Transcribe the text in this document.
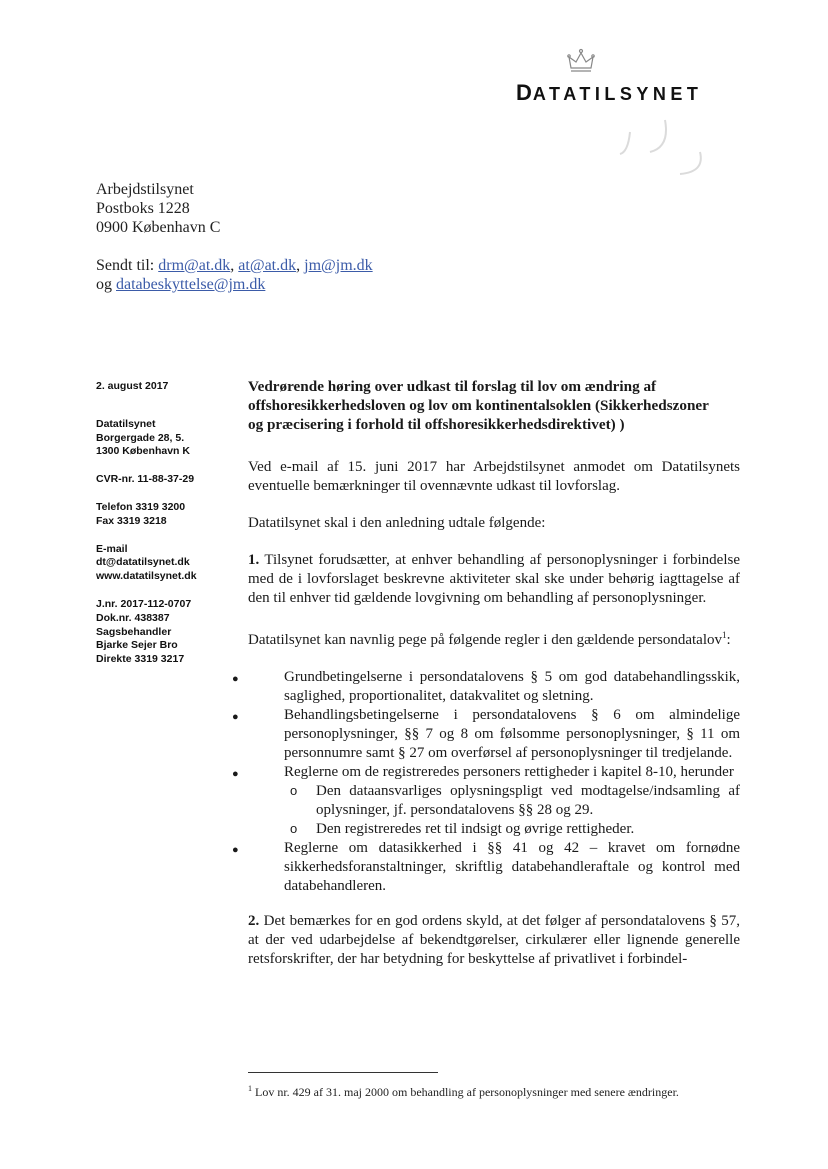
DATATILSYNET
Arbejdstilsynet
Postboks 1228
0900 København C
Sendt til: drm@at.dk, at@at.dk, jm@jm.dk
og databeskyttelse@jm.dk
2. august 2017
Datatilsynet
Borgergade 28, 5.
1300 København K
CVR-nr. 11-88-37-29
Telefon 3319 3200
Fax 3319 3218
E-mail
dt@datatilsynet.dk
www.datatilsynet.dk
J.nr. 2017-112-0707
Dok.nr. 438387
Sagsbehandler
Bjarke Sejer Bro
Direkte 3319 3217
Vedrørende høring over udkast til forslag til lov om ændring af
offshoresikkerhedsloven og lov om kontinentalsoklen (Sikkerhedszoner
og præcisering i forhold til offshoresikkerhedsdirektivet) )

Ved e-mail af 15. juni 2017 har Arbejdstilsynet anmodet om Datatilsynets eventuelle bemærkninger til ovennævnte udkast til lovforslag.

Datatilsynet skal i den anledning udtale følgende:

1. Tilsynet forudsætter, at enhver behandling af personoplysninger i forbindelse med de i lovforslaget beskrevne aktiviteter skal ske under behørig iagttagelse af den til enhver tid gældende lovgivning om behandling af personoplysninger.

Datatilsynet kan navnlig pege på følgende regler i den gældende persondatalov$^1$:

● Grundbetingelserne i persondatalovens § 5 om god databehandlingsskik, saglighed, proportionalitet, datakvalitet og sletning.
● Behandlingsbetingelserne i persondatalovens § 6 om almindelige personoplysninger, §§ 7 og 8 om følsomme personoplysninger, § 11 om personnumre samt § 27 om overførsel af personoplysninger til tredjelande.
● Reglerne om de registreredes personers rettigheder i kapitel 8-10, herunder
o Den dataansvarliges oplysningspligt ved modtagelse/indsamling af oplysninger, jf. persondatalovens §§ 28 og 29.
o Den registreredes ret til indsigt og øvrige rettigheder.
● Reglerne om datasikkerhed i §§ 41 og 42 – kravet om fornødne sikkerhedsforanstaltninger, skriftlig databehandleraftale og kontrol med databehandleren.

2. Det bemærkes for en god ordens skyld, at det følger af persondatalovens § 57, at der ved udarbejdelse af bekendtgørelser, cirkulærer eller lignende generelle retsforskrifter, der har betydning for beskyttelse af privatlivet i forbindel-

$^1$ Lov nr. 429 af 31. maj 2000 om behandling af personoplysninger med senere ændringer.
